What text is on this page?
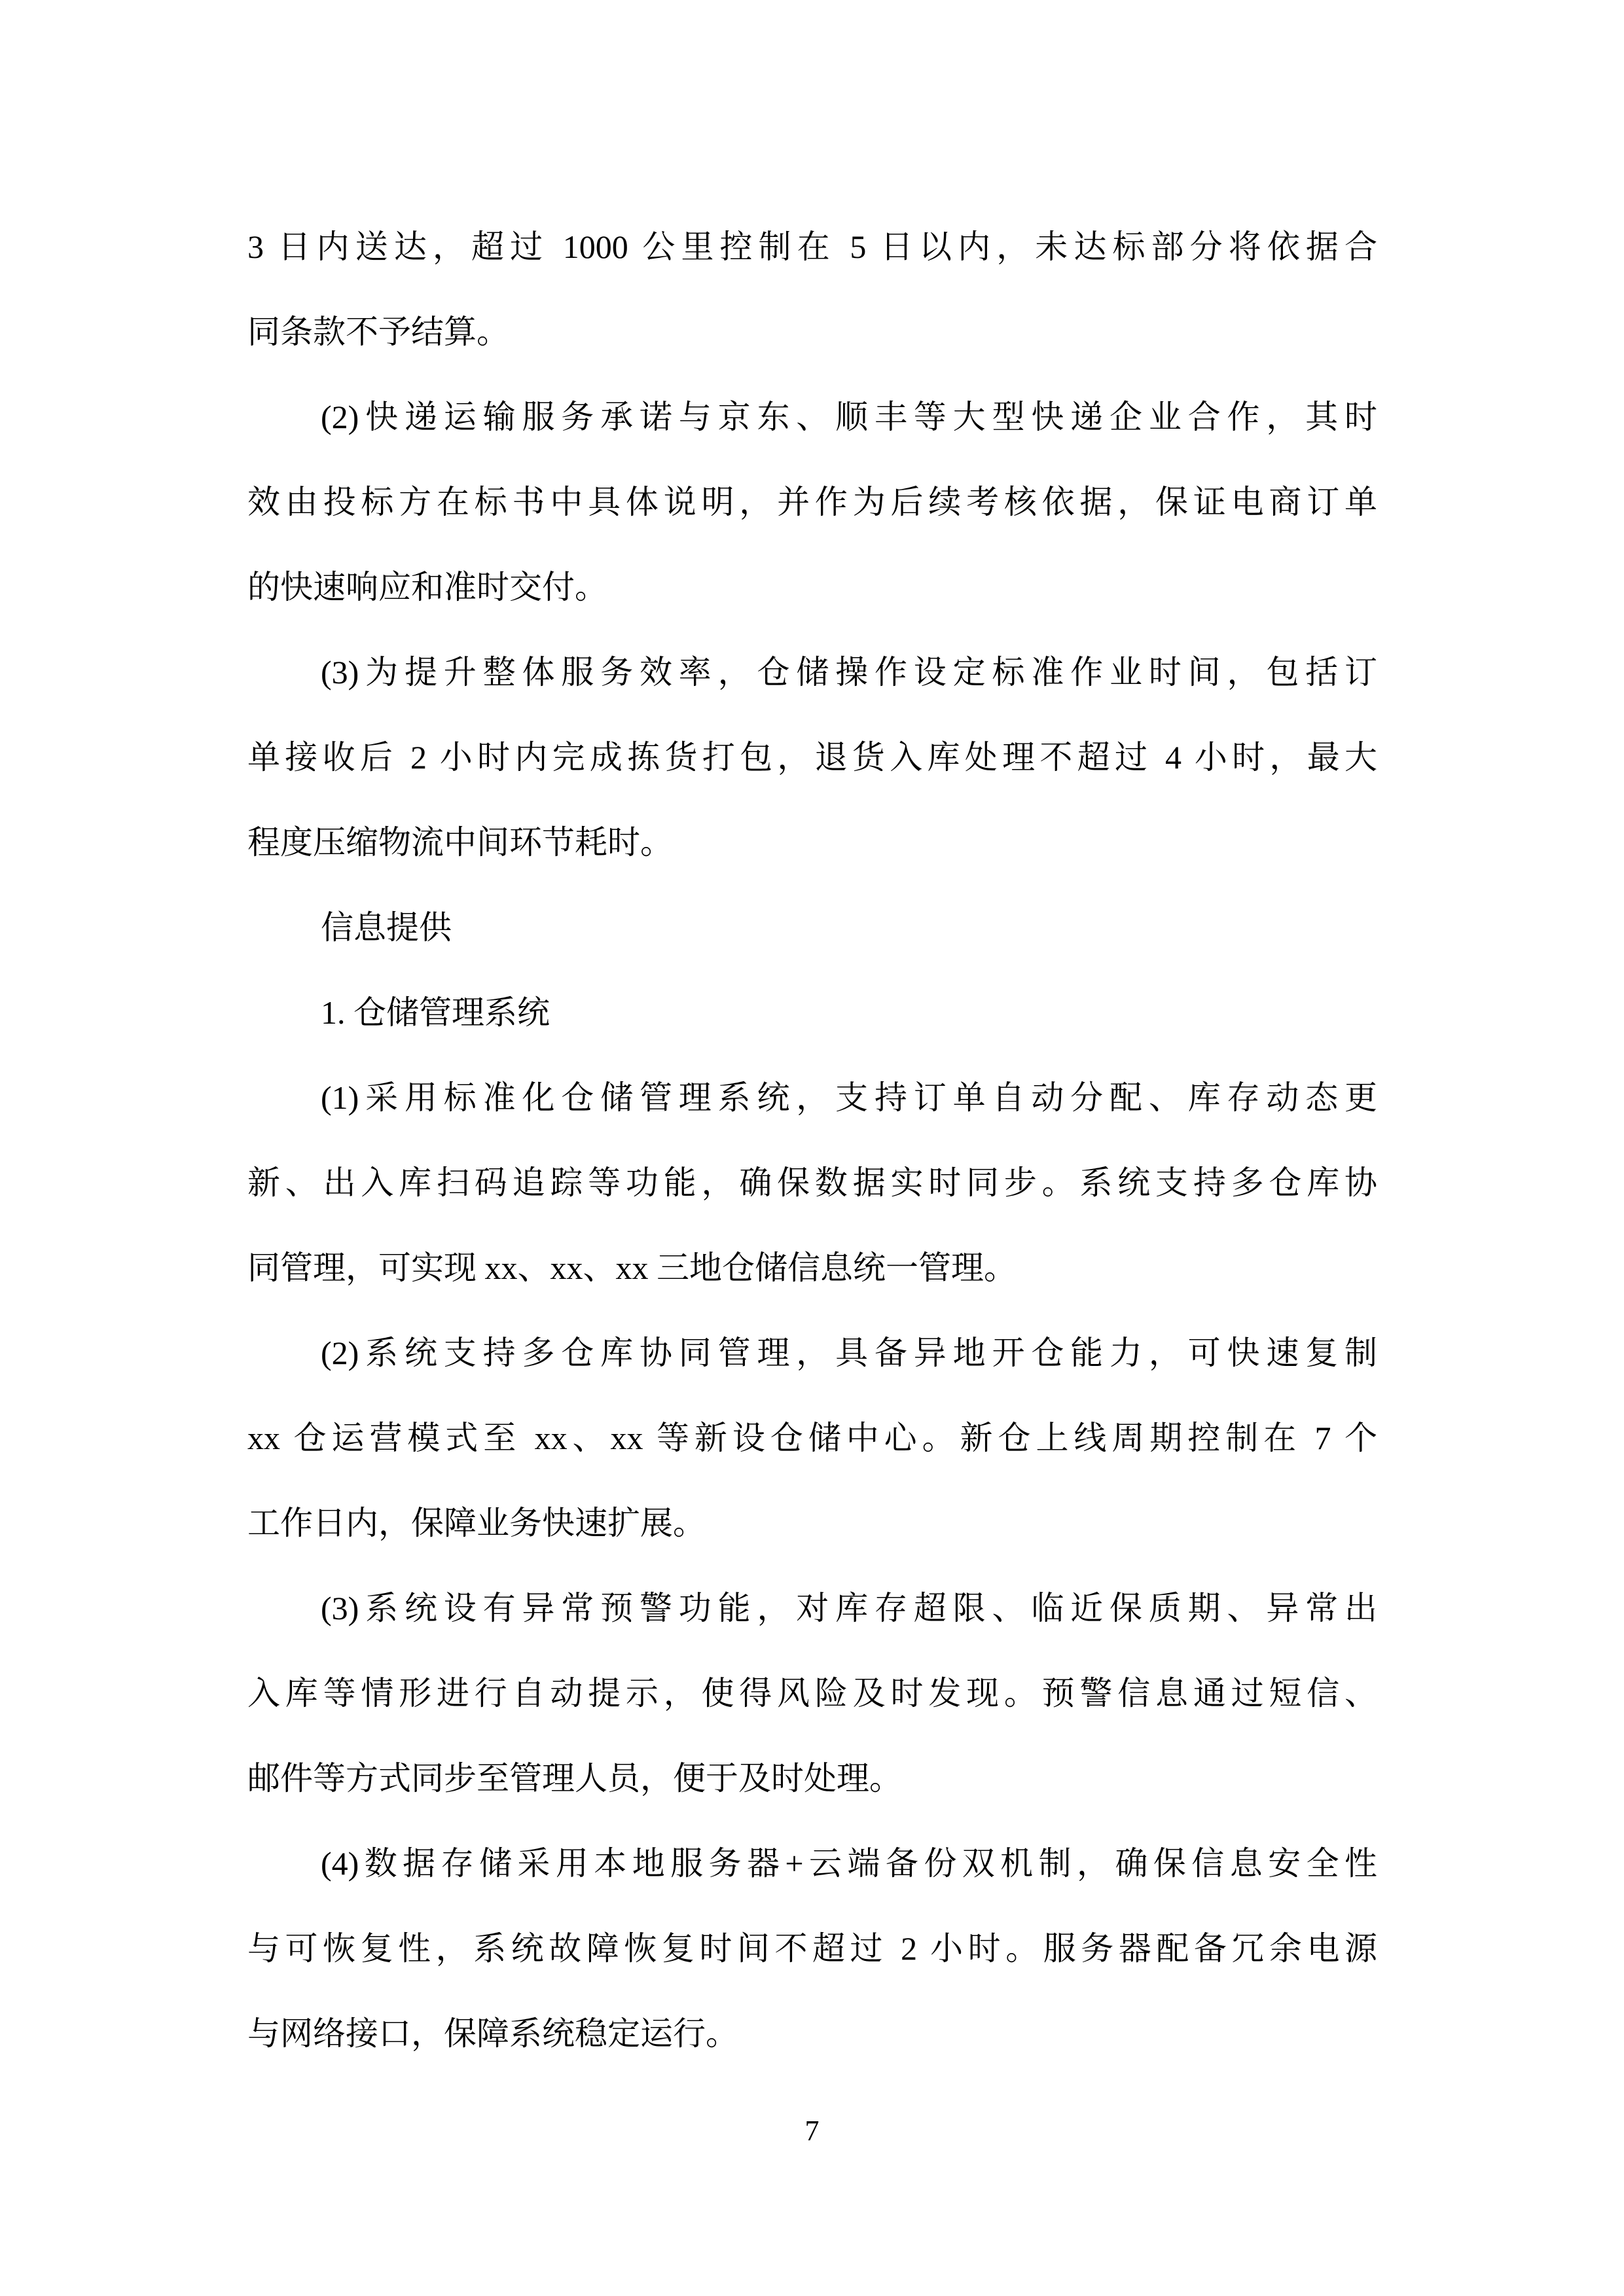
3 日内送达，超过 1000 公里控制在 5 日以内，未达标部分将依据合
同条款不予结算。
(2)快递运输服务承诺与京东、顺丰等大型快递企业合作，其时
效由投标方在标书中具体说明，并作为后续考核依据，保证电商订单
的快速响应和准时交付。
(3)为提升整体服务效率，仓储操作设定标准作业时间，包括订
单接收后 2 小时内完成拣货打包，退货入库处理不超过 4 小时，最大
程度压缩物流中间环节耗时。
信息提供
1. 仓储管理系统
(1)采用标准化仓储管理系统，支持订单自动分配、库存动态更
新、出入库扫码追踪等功能，确保数据实时同步。系统支持多仓库协
同管理，可实现 xx、xx、xx 三地仓储信息统一管理。
(2)系统支持多仓库协同管理，具备异地开仓能力，可快速复制
xx 仓运营模式至 xx、xx 等新设仓储中心。新仓上线周期控制在 7 个
工作日内，保障业务快速扩展。
(3)系统设有异常预警功能，对库存超限、临近保质期、异常出
入库等情形进行自动提示，使得风险及时发现。预警信息通过短信、
邮件等方式同步至管理人员，便于及时处理。
(4)数据存储采用本地服务器+云端备份双机制，确保信息安全性
与可恢复性，系统故障恢复时间不超过 2 小时。服务器配备冗余电源
与网络接口，保障系统稳定运行。
7
